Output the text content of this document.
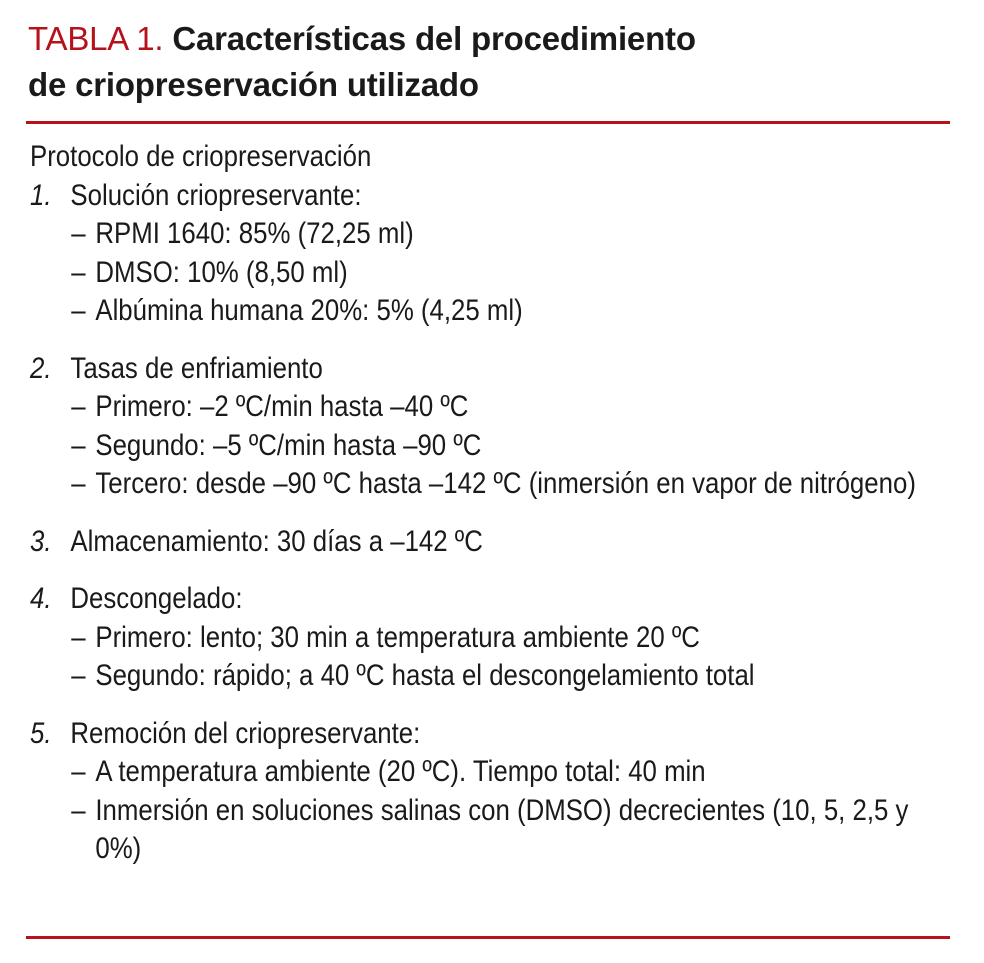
TABLA 1. Características del procedimiento
de criopreservación utilizado
Protocolo de criopreservación
1. Solución criopreservante:
– RPMI 1640: 85% (72,25 ml)
– DMSO: 10% (8,50 ml)
– Albúmina humana 20%: 5% (4,25 ml)
2. Tasas de enfriamiento
– Primero: –2 ºC/min hasta –40 ºC
– Segundo: –5 ºC/min hasta –90 ºC
– Tercero: desde –90 ºC hasta –142 ºC (inmersión en vapor de nitrógeno)
3. Almacenamiento: 30 días a –142 ºC
4. Descongelado:
– Primero: lento; 30 min a temperatura ambiente 20 ºC
– Segundo: rápido; a 40 ºC hasta el descongelamiento total
5. Remoción del criopreservante:
– A temperatura ambiente (20 ºC). Tiempo total: 40 min
– Inmersión en soluciones salinas con (DMSO) decrecientes (10, 5, 2,5 y 0%)
